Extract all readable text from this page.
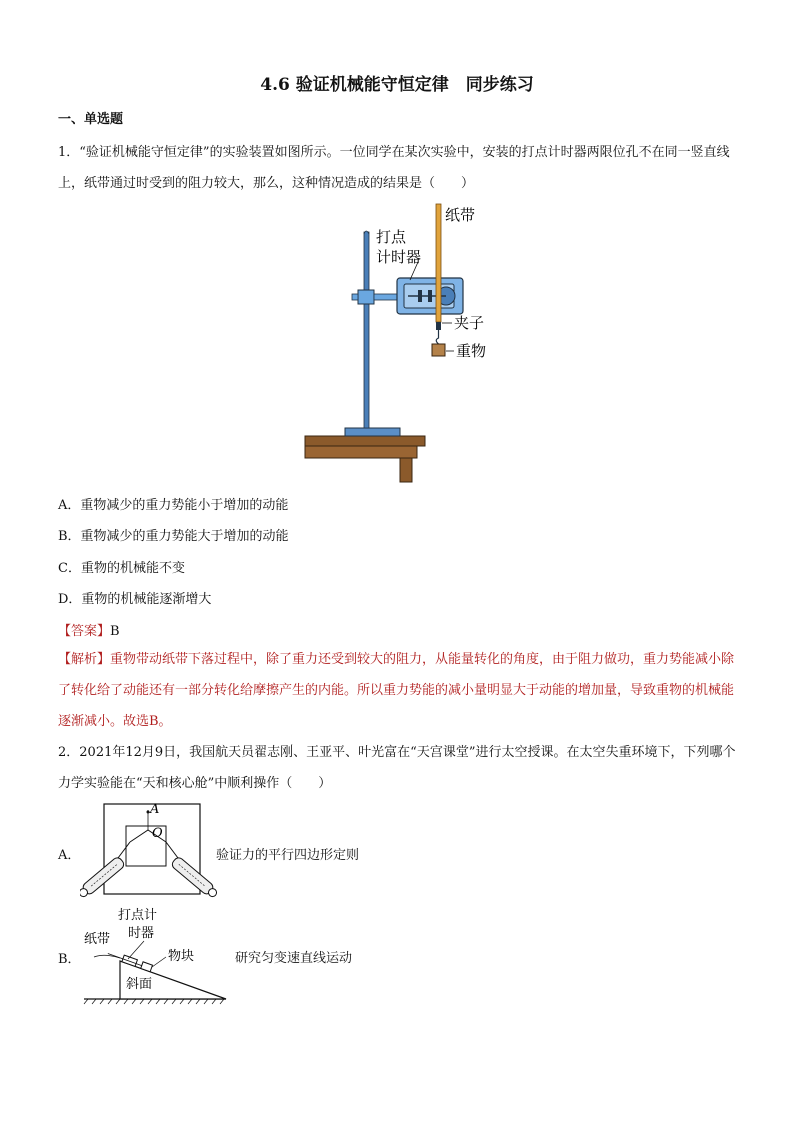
4.6 验证机械能守恒定律　同步练习
一、单选题
1．“验证机械能守恒定律”的实验装置如图所示。一位同学在某次实验中，安装的打点计时器两限位孔不在同一竖直线上，纸带通过时受到的阻力较大，那么，这种情况造成的结果是（　　）
纸带
打点
计时器
夹子
重物
A．重物减少的重力势能小于增加的动能
B．重物减少的重力势能大于增加的动能
C．重物的机械能不变
D．重物的机械能逐渐增大
【答案】B
【解析】重物带动纸带下落过程中，除了重力还受到较大的阻力，从能量转化的角度，由于阻力做功，重力势能减小除了转化给了动能还有一部分转化给摩擦产生的内能。所以重力势能的减小量明显大于动能的增加量，导致重物的机械能逐渐减小。故选B。
2．2021年12月9日，我国航天员翟志刚、王亚平、叶光富在“天宫课堂”进行太空授课。在太空失重环境下，下列哪个力学实验能在“天和核心舱”中顺利操作（　　）
A
O
A．	验证力的平行四边形定则
打点计
时器
纸带
物块
斜面
B．	研究匀变速直线运动
